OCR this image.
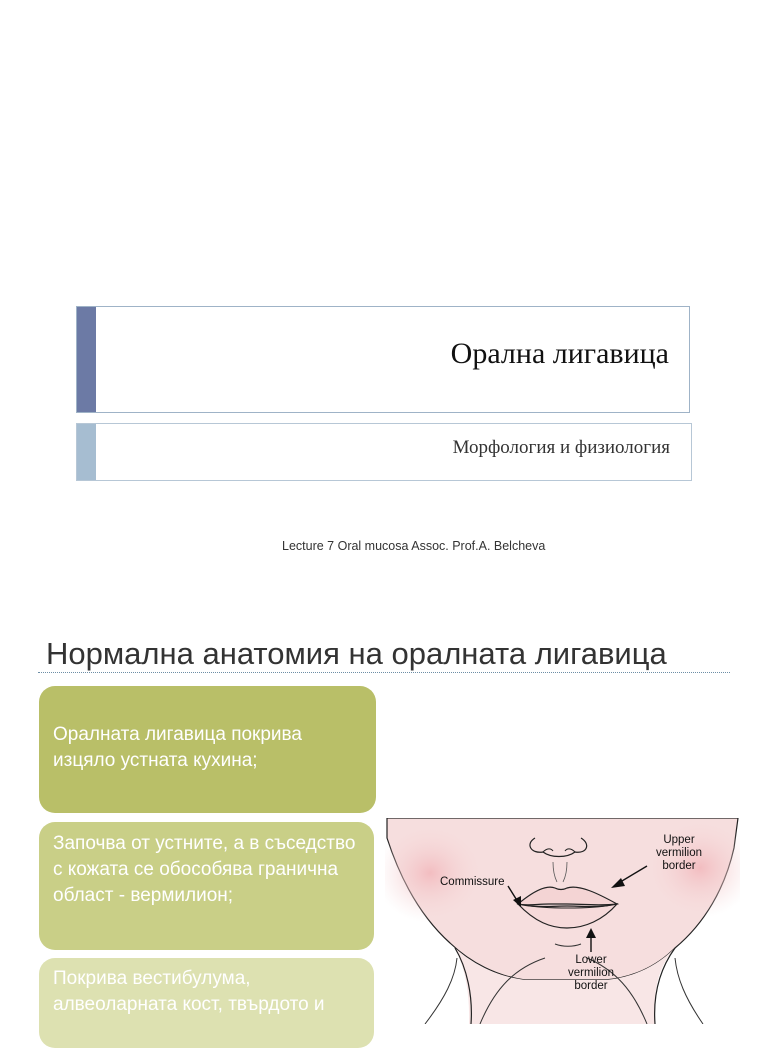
Орална лигавица
Морфология и физиология
Lecture 7 Oral mucosa Assoc. Prof.A. Belcheva
Нормална анатомия на оралната лигавица
Оралната лигавица покрива изцяло устната кухина;
Започва от устните, а в съседство с кожата се обособява гранична област - вермилион;
Покрива вестибулума, алвеоларната кост, твърдото и
Upper
vermilion
border
Commissure
Lower
vermilion
border
